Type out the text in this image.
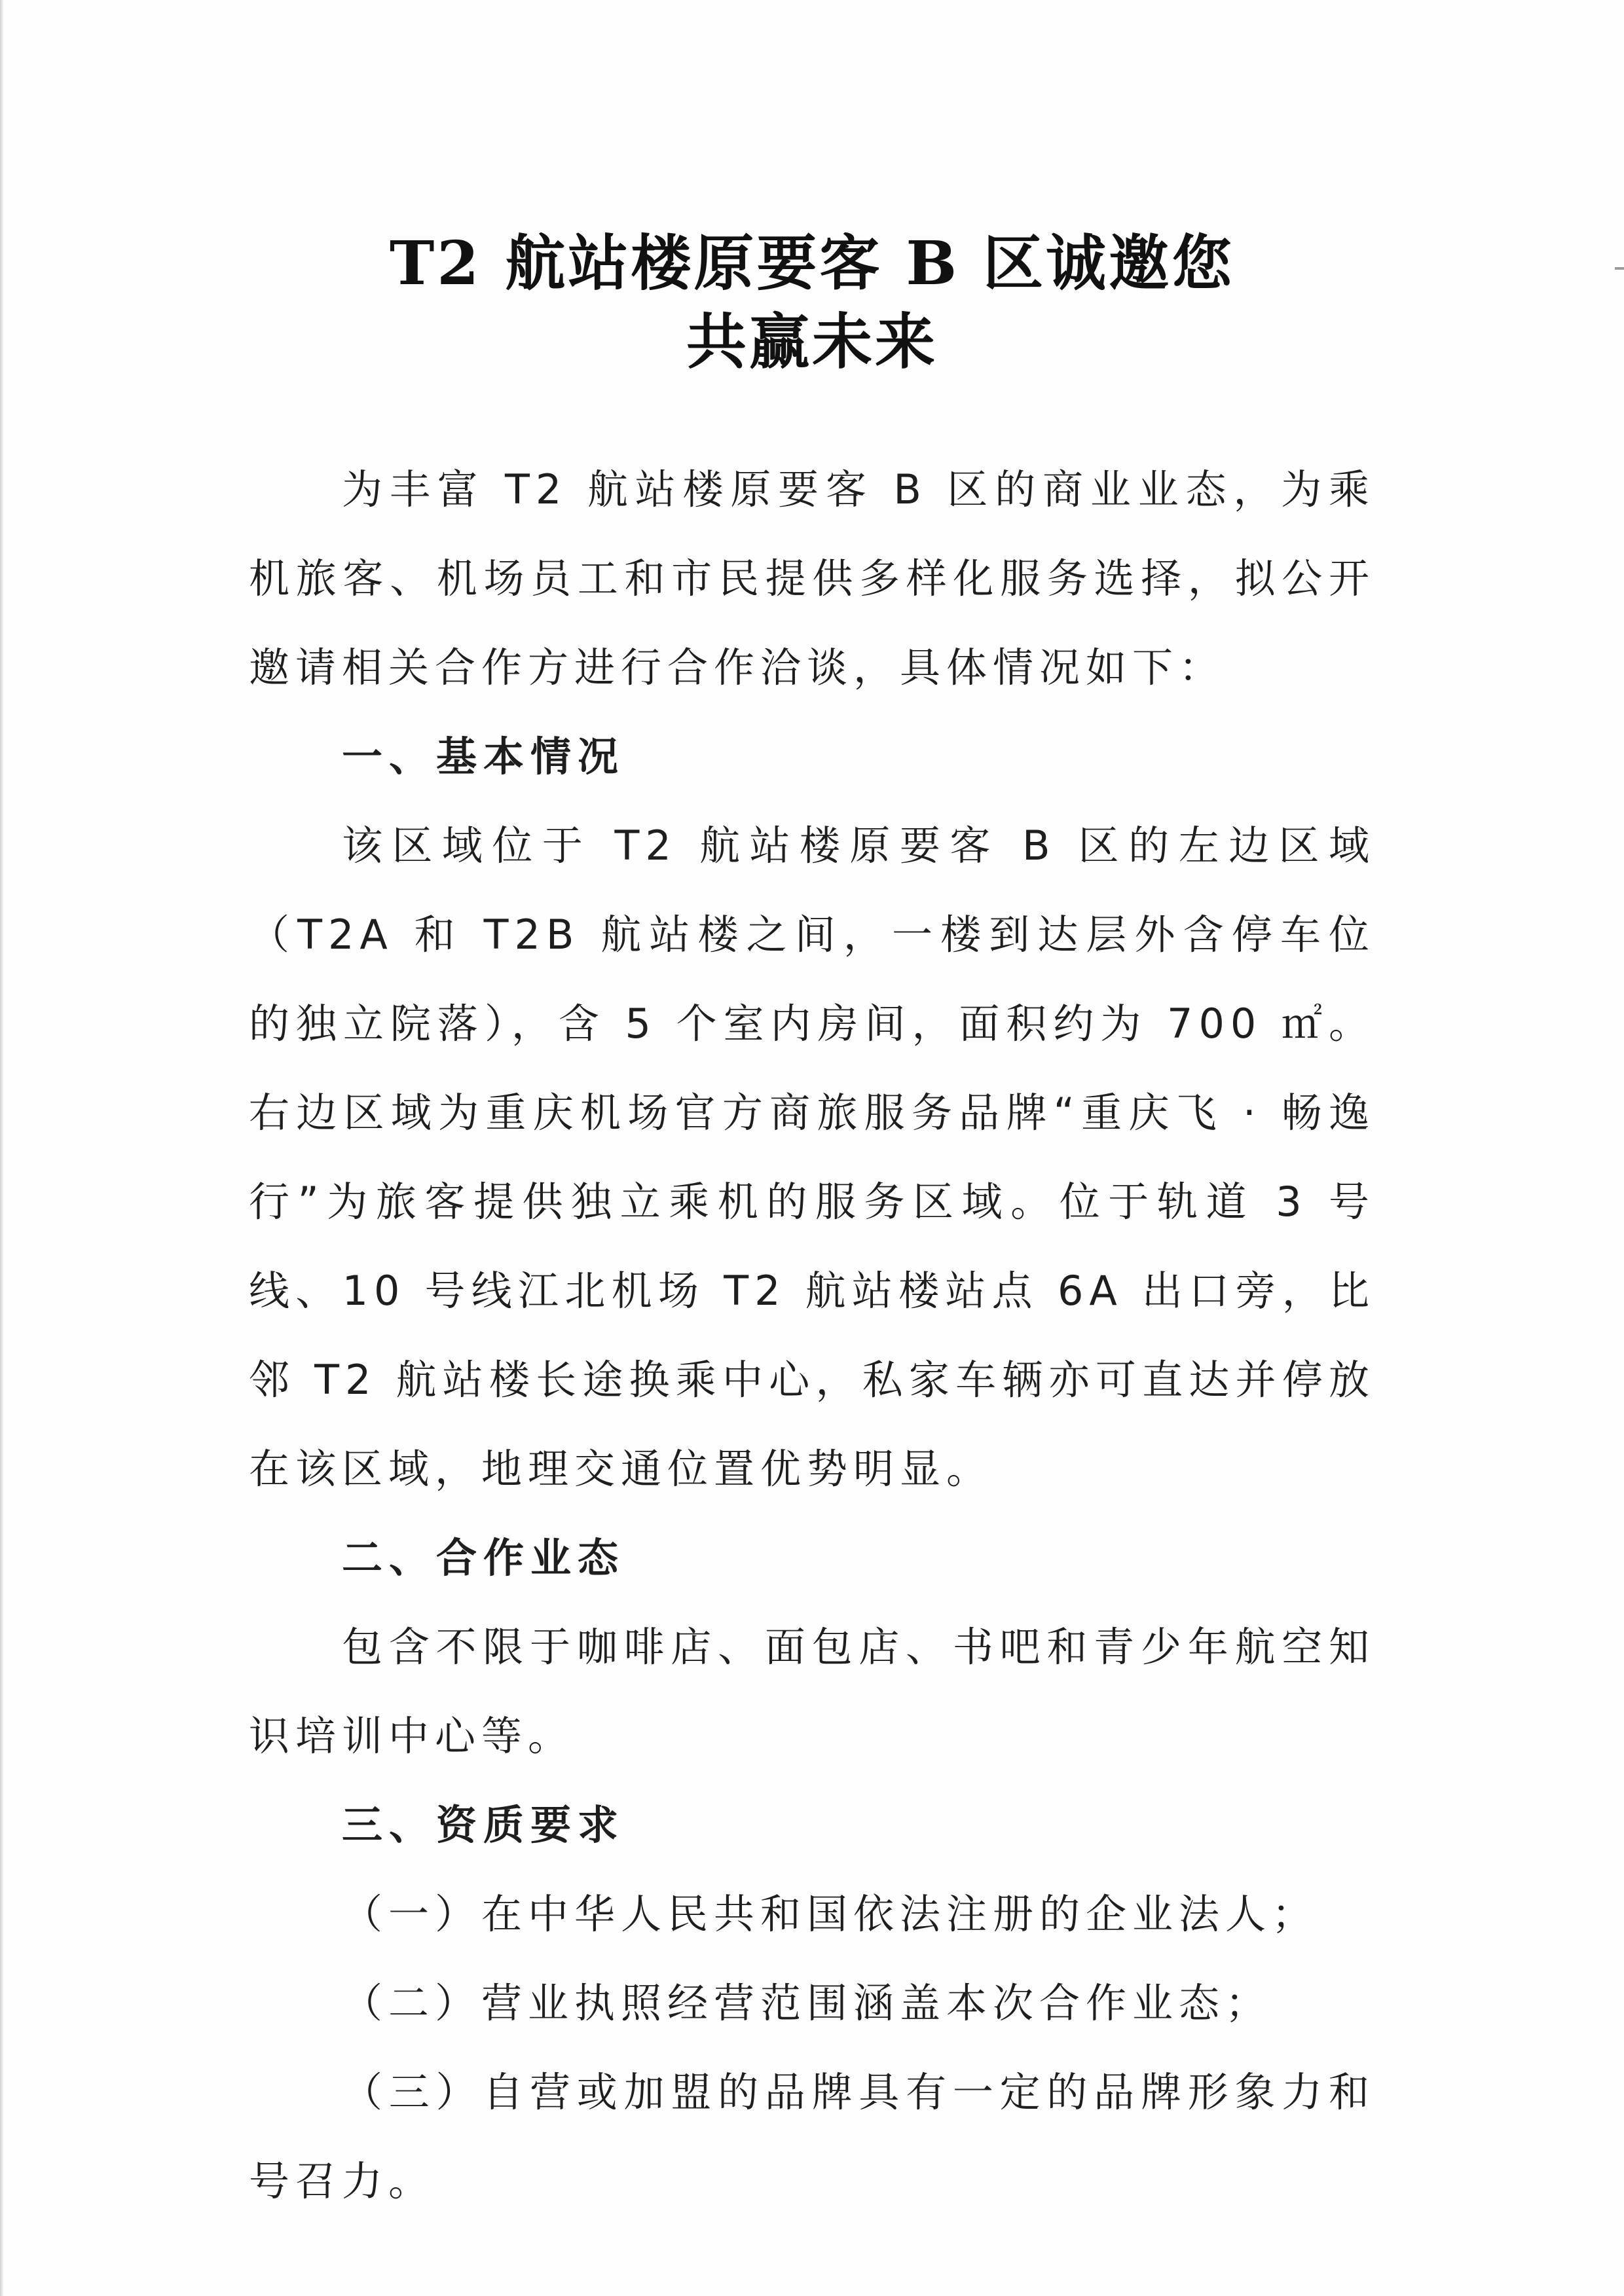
T2 航站楼原要客 B 区诚邀您
共赢未来

为丰富 T2 航站楼原要客 B 区的商业业态，为乘机旅客、机场员工和市民提供多样化服务选择，拟公开邀请相关合作方进行合作洽谈，具体情况如下：

一、基本情况

该区域位于 T2 航站楼原要客 B 区的左边区域（T2A 和 T2B 航站楼之间，一楼到达层外含停车位的独立院落），含 5 个室内房间，面积约为 700 ㎡。右边区域为重庆机场官方商旅服务品牌“重庆飞 · 畅逸行”为旅客提供独立乘机的服务区域。位于轨道 3 号线、10 号线江北机场 T2 航站楼站点 6A 出口旁，比邻 T2 航站楼长途换乘中心，私家车辆亦可直达并停放在该区域，地理交通位置优势明显。

二、合作业态

包含不限于咖啡店、面包店、书吧和青少年航空知识培训中心等。

三、资质要求

（一）在中华人民共和国依法注册的企业法人；

（二）营业执照经营范围涵盖本次合作业态；

（三）自营或加盟的品牌具有一定的品牌形象力和号召力。
